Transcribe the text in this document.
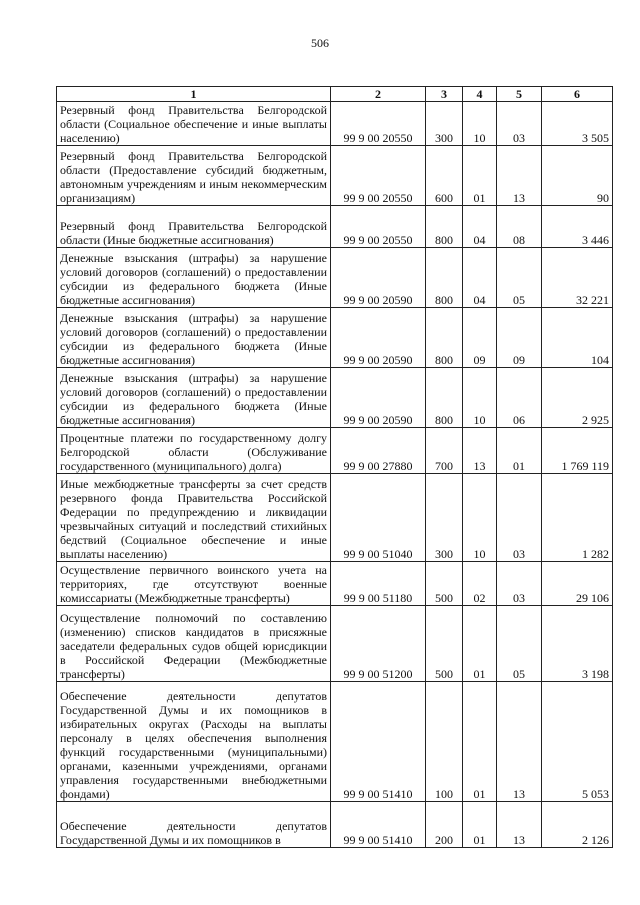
506
1	2	3	4	5	6
Резервный фонд Правительства Белгородской области (Социальное обеспечение и иные выплаты населению)	99 9 00 20550	300	10	03	3 505
Резервный фонд Правительства Белгородской области (Предоставление субсидий бюджетным, автономным учреждениям и иным некоммерческим организациям)	99 9 00 20550	600	01	13	90
Резервный фонд Правительства Белгородской области (Иные бюджетные ассигнования)	99 9 00 20550	800	04	08	3 446
Денежные взыскания (штрафы) за нарушение условий договоров (соглашений) о предоставлении субсидии из федерального бюджета (Иные бюджетные ассигнования)	99 9 00 20590	800	04	05	32 221
Денежные взыскания (штрафы) за нарушение условий договоров (соглашений) о предоставлении субсидии из федерального бюджета (Иные бюджетные ассигнования)	99 9 00 20590	800	09	09	104
Денежные взыскания (штрафы) за нарушение условий договоров (соглашений) о предоставлении субсидии из федерального бюджета (Иные бюджетные ассигнования)	99 9 00 20590	800	10	06	2 925
Процентные платежи по государственному долгу Белгородской области (Обслуживание государственного (муниципального) долга)	99 9 00 27880	700	13	01	1 769 119
Иные межбюджетные трансферты за счет средств резервного фонда Правительства Российской Федерации по предупреждению и ликвидации чрезвычайных ситуаций и последствий стихийных бедствий (Социальное обеспечение и иные выплаты населению)	99 9 00 51040	300	10	03	1 282
Осуществление первичного воинского учета на территориях, где отсутствуют военные комиссариаты (Межбюджетные трансферты)	99 9 00 51180	500	02	03	29 106
Осуществление полномочий по составлению (изменению) списков кандидатов в присяжные заседатели федеральных судов общей юрисдикции в Российской Федерации (Межбюджетные трансферты)	99 9 00 51200	500	01	05	3 198
Обеспечение деятельности депутатов Государственной Думы и их помощников в избирательных округах (Расходы на выплаты персоналу в целях обеспечения выполнения функций государственными (муниципальными) органами, казенными учреждениями, органами управления государственными внебюджетными фондами)	99 9 00 51410	100	01	13	5 053
Обеспечение деятельности депутатов Государственной Думы и их помощников в	99 9 00 51410	200	01	13	2 126
